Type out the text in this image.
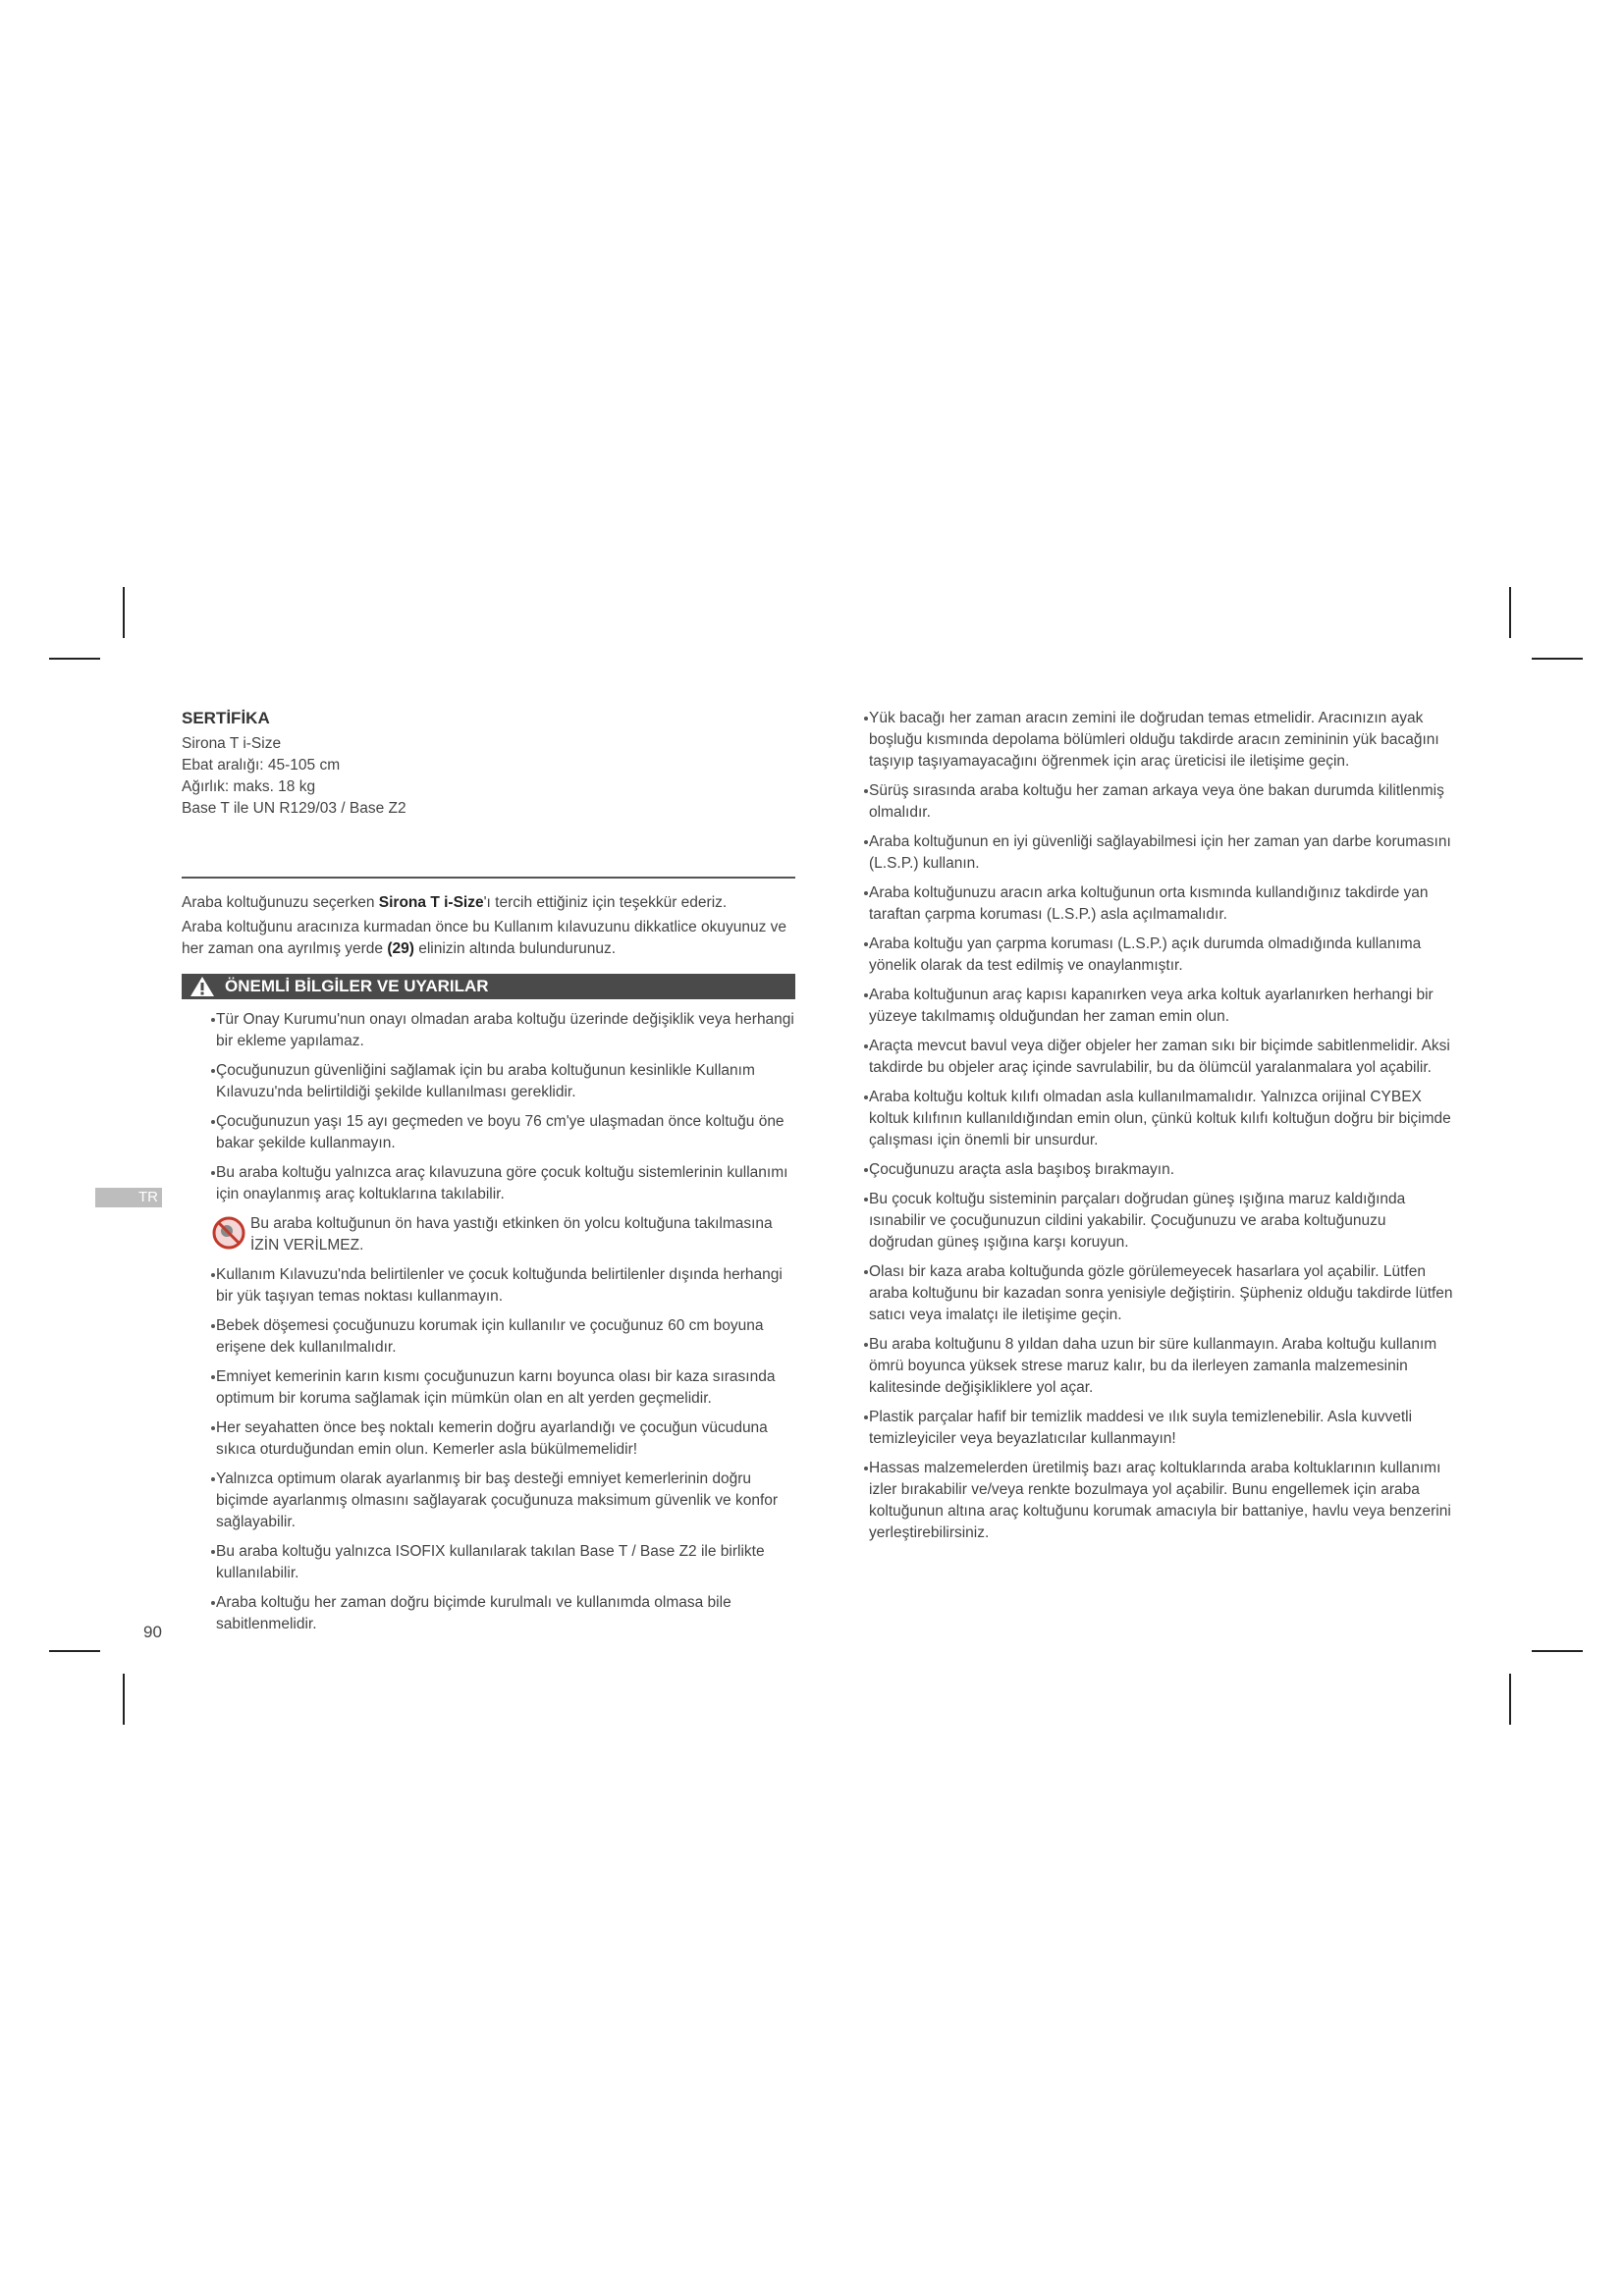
SERTİFİKA

Sirona T i-Size

Ebat aralığı: 45-105 cm

Ağırlık: maks. 18 kg

Base T ile UN R129/03 / Base Z2

Araba koltuğunuzu seçerken Sirona T i-Size'ı tercih ettiğiniz için teşekkür ederiz.

Araba koltuğunu aracınıza kurmadan önce bu Kullanım kılavuzunu dikkatlice okuyunuz ve her zaman ona ayrılmış yerde (29) elinizin altında bulundurunuz.

ÖNEMLİ BİLGİLER VE UYARILAR
Tür Onay Kurumu'nun onayı olmadan araba koltuğu üzerinde değişiklik veya herhangi bir ekleme yapılamaz.
Çocuğunuzun güvenliğini sağlamak için bu araba koltuğunun kesinlikle Kullanım Kılavuzu'nda belirtildiği şekilde kullanılması gereklidir.
Çocuğunuzun yaşı 15 ayı geçmeden ve boyu 76 cm'ye ulaşmadan önce koltuğu öne bakar şekilde kullanmayın.
Bu araba koltuğu yalnızca araç kılavuzuna göre çocuk koltuğu sistemlerinin kullanımı için onaylanmış araç koltuklarına takılabilir.
Bu araba koltuğunun ön hava yastığı etkinken ön yolcu koltuğuna takılmasına İZİN VERİLMEZ.
Kullanım Kılavuzu'nda belirtilenler ve çocuk koltuğunda belirtilenler dışında herhangi bir yük taşıyan temas noktası kullanmayın.
Bebek döşemesi çocuğunuzu korumak için kullanılır ve çocuğunuz 60 cm boyuna erişene dek kullanılmalıdır.
Emniyet kemerinin karın kısmı çocuğunuzun karnı boyunca olası bir kaza sırasında optimum bir koruma sağlamak için mümkün olan en alt yerden geçmelidir.
Her seyahatten önce beş noktalı kemerin doğru ayarlandığı ve çocuğun vücuduna sıkıca oturduğundan emin olun. Kemerler asla bükülmemelidir!
Yalnızca optimum olarak ayarlanmış bir baş desteği emniyet kemerlerinin doğru biçimde ayarlanmış olmasını sağlayarak çocuğunuza maksimum güvenlik ve konfor sağlayabilir.
Bu araba koltuğu yalnızca ISOFIX kullanılarak takılan Base T / Base Z2 ile birlikte kullanılabilir.
Araba koltuğu her zaman doğru biçimde kurulmalı ve kullanımda olmasa bile sabitlenmelidir.
Yük bacağı her zaman aracın zemini ile doğrudan temas etmelidir. Aracınızın ayak boşluğu kısmında depolama bölümleri olduğu takdirde aracın zemininin yük bacağını taşıyıp taşıyamayacağını öğrenmek için araç üreticisi ile iletişime geçin.
Sürüş sırasında araba koltuğu her zaman arkaya veya öne bakan durumda kilitlenmiş olmalıdır.
Araba koltuğunun en iyi güvenliği sağlayabilmesi için her zaman yan darbe korumasını (L.S.P.) kullanın.
Araba koltuğunuzu aracın arka koltuğunun orta kısmında kullandığınız takdirde yan taraftan çarpma koruması (L.S.P.) asla açılmamalıdır.
Araba koltuğu yan çarpma koruması (L.S.P.) açık durumda olmadığında kullanıma yönelik olarak da test edilmiş ve onaylanmıştır.
Araba koltuğunun araç kapısı kapanırken veya arka koltuk ayarlanırken herhangi bir yüzeye takılmamış olduğundan her zaman emin olun.
Araçta mevcut bavul veya diğer objeler her zaman sıkı bir biçimde sabitlenmelidir. Aksi takdirde bu objeler araç içinde savrulabilir, bu da ölümcül yaralanmalara yol açabilir.
Araba koltuğu koltuk kılıfı olmadan asla kullanılmamalıdır. Yalnızca orijinal CYBEX koltuk kılıfının kullanıldığından emin olun, çünkü koltuk kılıfı koltuğun doğru bir biçimde çalışması için önemli bir unsurdur.
Çocuğunuzu araçta asla başıboş bırakmayın.
Bu çocuk koltuğu sisteminin parçaları doğrudan güneş ışığına maruz kaldığında ısınabilir ve çocuğunuzun cildini yakabilir. Çocuğunuzu ve araba koltuğunuzu doğrudan güneş ışığına karşı koruyun.
Olası bir kaza araba koltuğunda gözle görülemeyecek hasarlara yol açabilir. Lütfen araba koltuğunu bir kazadan sonra yenisiyle değiştirin. Şüpheniz olduğu takdirde lütfen satıcı veya imalatçı ile iletişime geçin.
Bu araba koltuğunu 8 yıldan daha uzun bir süre kullanmayın. Araba koltuğu kullanım ömrü boyunca yüksek strese maruz kalır, bu da ilerleyen zamanla malzemesinin kalitesinde değişikliklere yol açar.
Plastik parçalar hafif bir temizlik maddesi ve ılık suyla temizlenebilir. Asla kuvvetli temizleyiciler veya beyazlatıcılar kullanmayın!
Hassas malzemelerden üretilmiş bazı araç koltuklarında araba koltuklarının kullanımı izler bırakabilir ve/veya renkte bozulmaya yol açabilir. Bunu engellemek için araba koltuğunun altına araç koltuğunu korumak amacıyla bir battaniye, havlu veya benzerini yerleştirebilirsiniz.
TR
90
